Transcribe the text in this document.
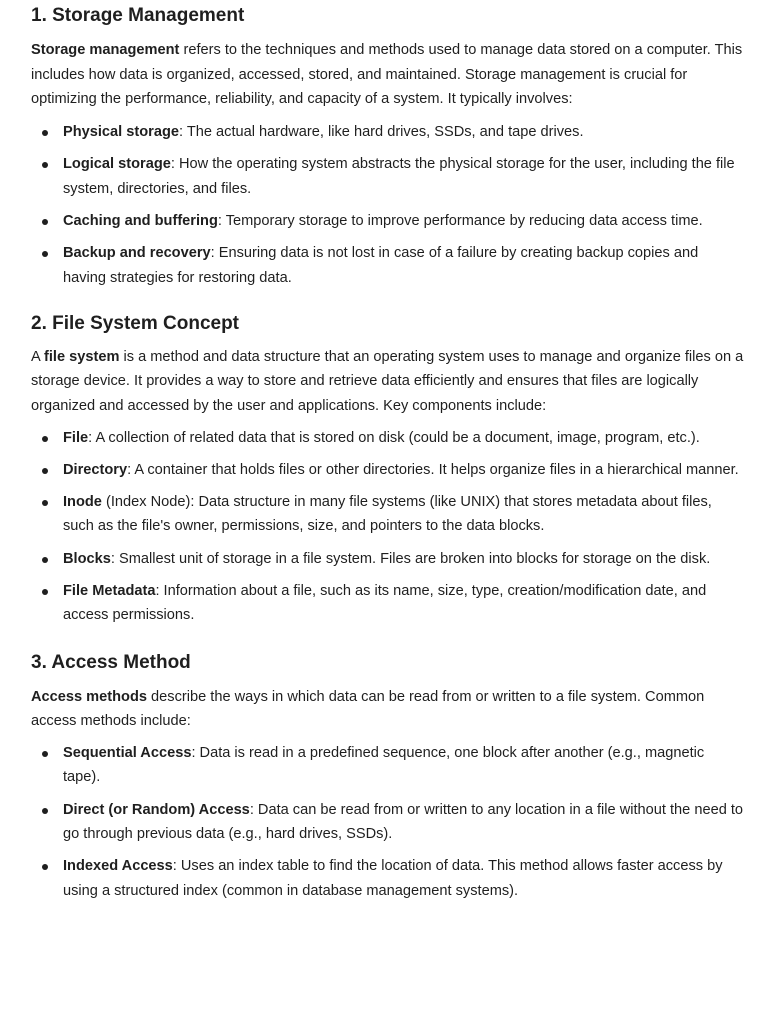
1. Storage Management

Storage management refers to the techniques and methods used to manage data stored on a computer. This includes how data is organized, accessed, stored, and maintained. Storage management is crucial for optimizing the performance, reliability, and capacity of a system. It typically involves:

Physical storage: The actual hardware, like hard drives, SSDs, and tape drives.
Logical storage: How the operating system abstracts the physical storage for the user, including the file system, directories, and files.
Caching and buffering: Temporary storage to improve performance by reducing data access time.
Backup and recovery: Ensuring data is not lost in case of a failure by creating backup copies and having strategies for restoring data.
2. File System Concept

A file system is a method and data structure that an operating system uses to manage and organize files on a storage device. It provides a way to store and retrieve data efficiently and ensures that files are logically organized and accessed by the user and applications. Key components include:

File: A collection of related data that is stored on disk (could be a document, image, program, etc.).
Directory: A container that holds files or other directories. It helps organize files in a hierarchical manner.
Inode (Index Node): Data structure in many file systems (like UNIX) that stores metadata about files, such as the file's owner, permissions, size, and pointers to the data blocks.
Blocks: Smallest unit of storage in a file system. Files are broken into blocks for storage on the disk.
File Metadata: Information about a file, such as its name, size, type, creation/modification date, and access permissions.
3. Access Method

Access methods describe the ways in which data can be read from or written to a file system. Common access methods include:

Sequential Access: Data is read in a predefined sequence, one block after another (e.g., magnetic tape).
Direct (or Random) Access: Data can be read from or written to any location in a file without the need to go through previous data (e.g., hard drives, SSDs).
Indexed Access: Uses an index table to find the location of data. This method allows faster access by using a structured index (common in database management systems).
